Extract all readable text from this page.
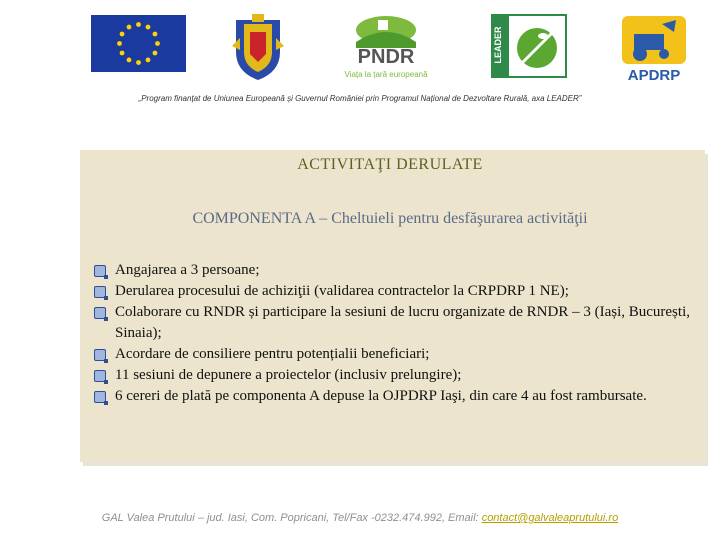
PNDR
Viața la țară europeană
LEADER
APDRP
„Program finanțat de Uniunea Europeană și Guvernul României prin Programul Național de Dezvoltare Rurală, axa LEADER”
ACTIVITAŢI DERULATE
COMPONENTA A – Cheltuieli pentru desfăşurarea activităţii
Angajarea a 3 persoane;
Derularea procesului de achiziţii (validarea contractelor la CRPDRP 1 NE);
Colaborare cu RNDR și participare la sesiuni de lucru organizate de RNDR – 3 (Iași, București, Sinaia);
Acordare de consiliere pentru potențialii beneficiari;
11 sesiuni de depunere a proiectelor (inclusiv prelungire);
6 cereri de plată pe componenta A depuse la OJPDRP Iaşi, din care 4 au fost rambursate.
GAL Valea Prutului – jud. Iasi, Com. Popricani, Tel/Fax -0232.474.992, Email: contact@galvaleaprutului.ro
